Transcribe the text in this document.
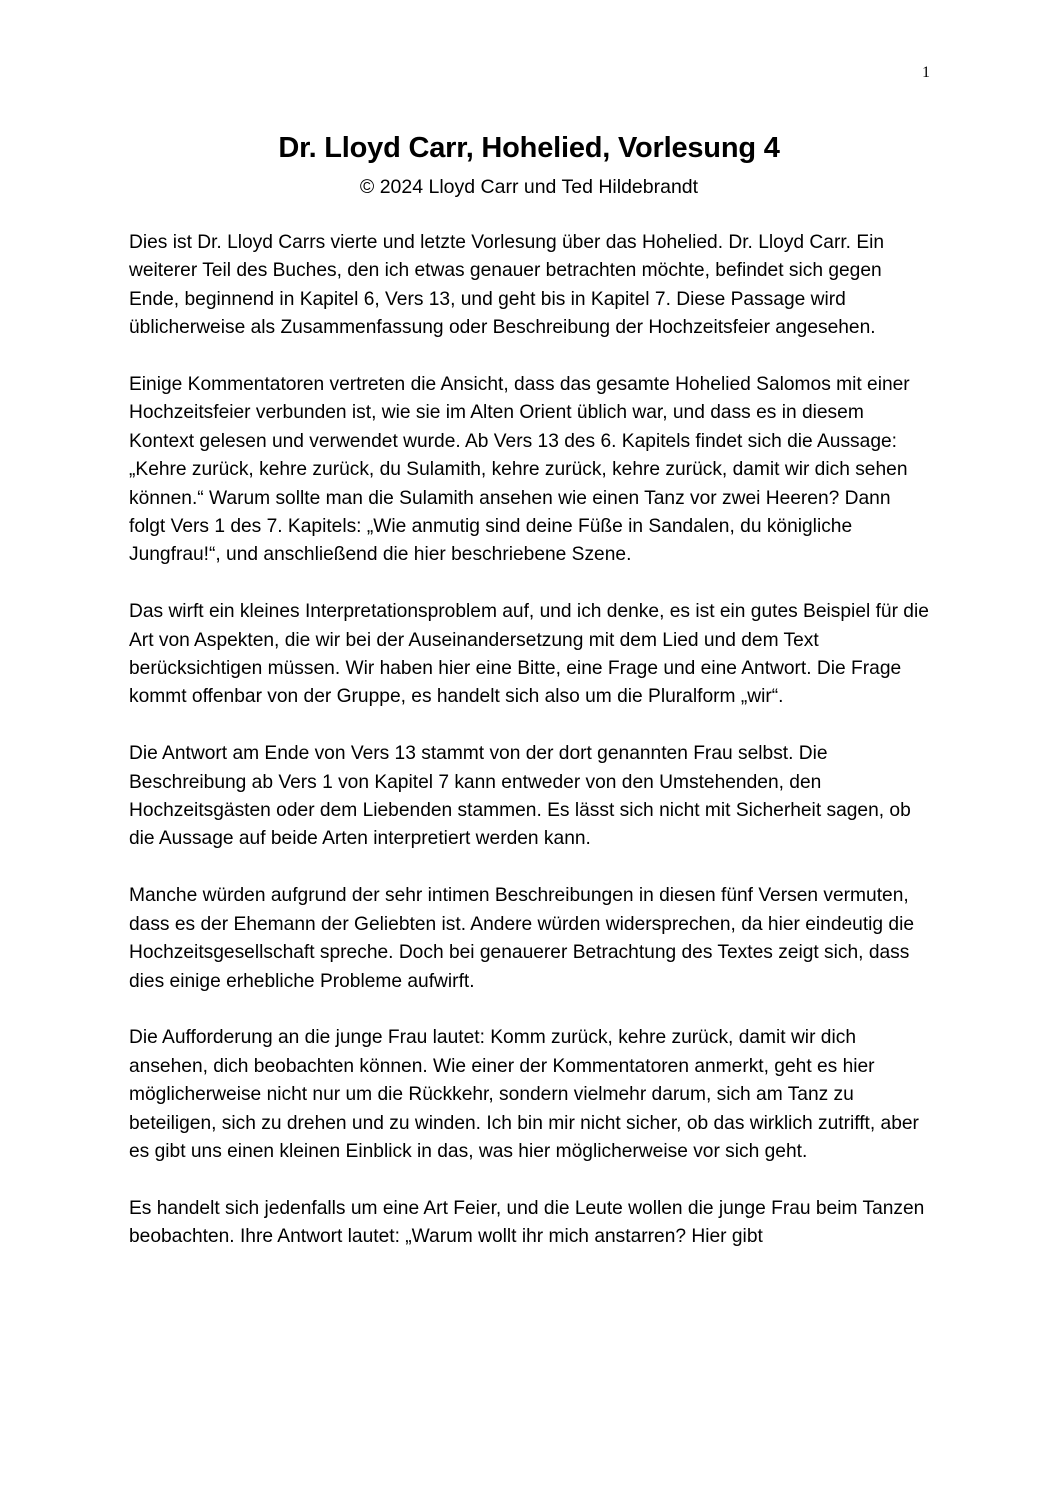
1
Dr. Lloyd Carr, Hohelied, Vorlesung 4
© 2024 Lloyd Carr und Ted Hildebrandt

Dies ist Dr. Lloyd Carrs vierte und letzte Vorlesung über das Hohelied. Dr. Lloyd Carr. Ein weiterer Teil des Buches, den ich etwas genauer betrachten möchte, befindet sich gegen Ende, beginnend in Kapitel 6, Vers 13, und geht bis in Kapitel 7. Diese Passage wird üblicherweise als Zusammenfassung oder Beschreibung der Hochzeitsfeier angesehen.

Einige Kommentatoren vertreten die Ansicht, dass das gesamte Hohelied Salomos mit einer Hochzeitsfeier verbunden ist, wie sie im Alten Orient üblich war, und dass es in diesem Kontext gelesen und verwendet wurde. Ab Vers 13 des 6. Kapitels findet sich die Aussage: „Kehre zurück, kehre zurück, du Sulamith, kehre zurück, kehre zurück, damit wir dich sehen können.“ Warum sollte man die Sulamith ansehen wie einen Tanz vor zwei Heeren? Dann folgt Vers 1 des 7. Kapitels: „Wie anmutig sind deine Füße in Sandalen, du königliche Jungfrau!“, und anschließend die hier beschriebene Szene.

Das wirft ein kleines Interpretationsproblem auf, und ich denke, es ist ein gutes Beispiel für die Art von Aspekten, die wir bei der Auseinandersetzung mit dem Lied und dem Text berücksichtigen müssen. Wir haben hier eine Bitte, eine Frage und eine Antwort. Die Frage kommt offenbar von der Gruppe, es handelt sich also um die Pluralform „wir“.

Die Antwort am Ende von Vers 13 stammt von der dort genannten Frau selbst. Die Beschreibung ab Vers 1 von Kapitel 7 kann entweder von den Umstehenden, den Hochzeitsgästen oder dem Liebenden stammen. Es lässt sich nicht mit Sicherheit sagen, ob die Aussage auf beide Arten interpretiert werden kann.

Manche würden aufgrund der sehr intimen Beschreibungen in diesen fünf Versen vermuten, dass es der Ehemann der Geliebten ist. Andere würden widersprechen, da hier eindeutig die Hochzeitsgesellschaft spreche. Doch bei genauerer Betrachtung des Textes zeigt sich, dass dies einige erhebliche Probleme aufwirft.

Die Aufforderung an die junge Frau lautet: Komm zurück, kehre zurück, damit wir dich ansehen, dich beobachten können. Wie einer der Kommentatoren anmerkt, geht es hier möglicherweise nicht nur um die Rückkehr, sondern vielmehr darum, sich am Tanz zu beteiligen, sich zu drehen und zu winden. Ich bin mir nicht sicher, ob das wirklich zutrifft, aber es gibt uns einen kleinen Einblick in das, was hier möglicherweise vor sich geht.

Es handelt sich jedenfalls um eine Art Feier, und die Leute wollen die junge Frau beim Tanzen beobachten. Ihre Antwort lautet: „Warum wollt ihr mich anstarren? Hier gibt
